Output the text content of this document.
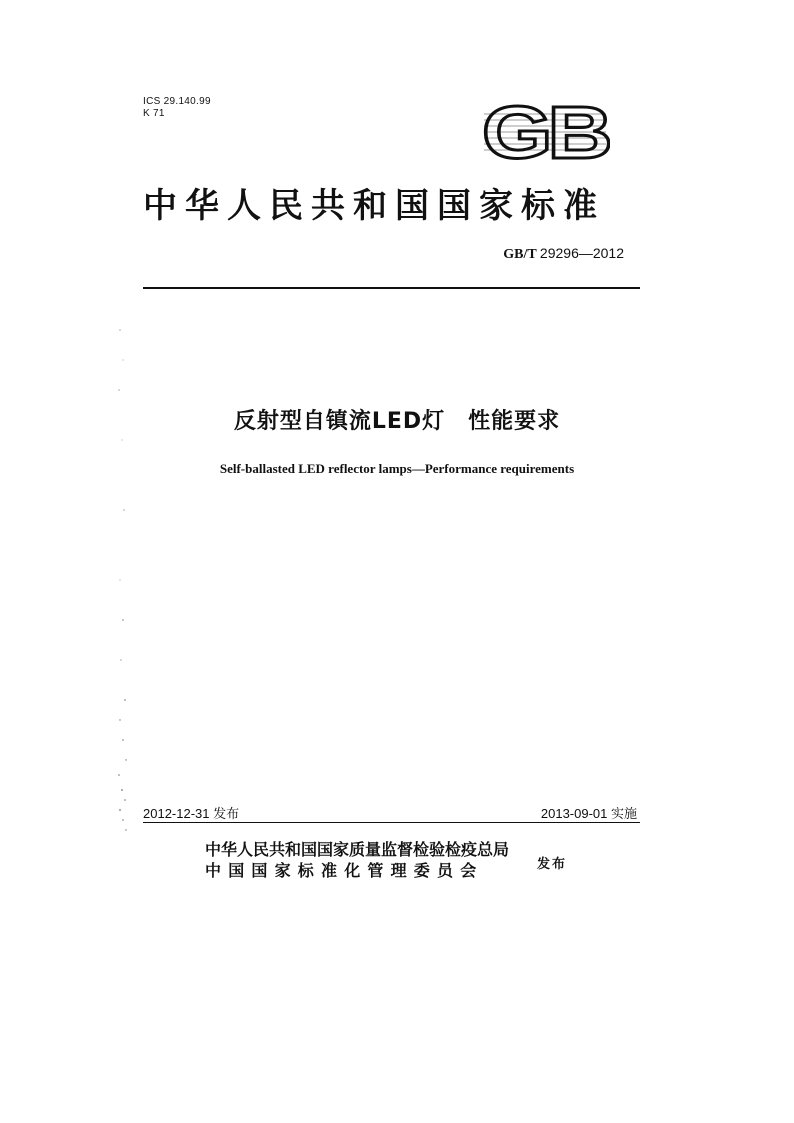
ICS 29.140.99
K 71	GB
中华人民共和国国家标准
GB/T 29296—2012
反射型自镇流LED灯　性能要求
Self-ballasted LED reflector lamps—Performance requirements
2012-12-31 发布	2013-09-01 实施
中华人民共和国国家质量监督检验检疫总局
中国国家标准化管理委员会	发布
